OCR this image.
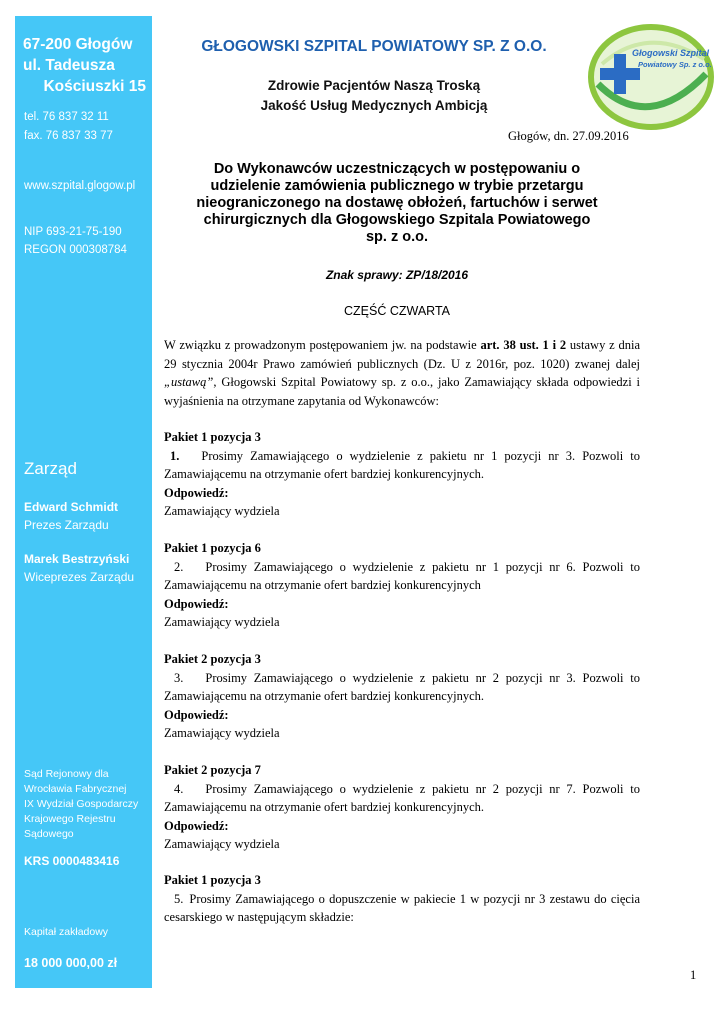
67-200 Głogów
ul. Tadeusza
Kościuszki 15
tel. 76 837 32 11
fax. 76 837 33 77
www.szpital.glogow.pl
NIP 693-21-75-190
REGON 000308784
Zarząd
Edward Schmidt
Prezes Zarządu
Marek Bestrzyński
Wiceprezes Zarządu
Sąd Rejonowy dla
Wrocławia Fabrycznej
IX Wydział Gospodarczy
Krajowego Rejestru
Sądowego
KRS 0000483416
Kapitał zakładowy
18 000 000,00 zł
GŁOGOWSKI SZPITAL POWIATOWY SP. Z O.O.
Zdrowie Pacjentów Naszą Troską
Jakość Usług Medycznych Ambicją
Głogowski Szpital
Powiatowy Sp. z o.o.
Głogów, dn. 27.09.2016
Do Wykonawców uczestniczących w postępowaniu o
udzielenie zamówienia publicznego w trybie przetargu
nieograniczonego na dostawę obłożeń, fartuchów i serwet
chirurgicznych dla Głogowskiego Szpitala Powiatowego
sp. z o.o.
Znak sprawy: ZP/18/2016
CZĘŚĆ CZWARTA
W związku z prowadzonym postępowaniem jw. na podstawie art. 38 ust. 1 i 2 ustawy z dnia 29 stycznia 2004r Prawo zamówień publicznych (Dz. U z 2016r, poz. 1020) zwanej dalej „ustawą”, Głogowski Szpital Powiatowy sp. z o.o., jako Zamawiający składa odpowiedzi i wyjaśnienia na otrzymane zapytania od Wykonawców:
Pakiet 1 pozycja 3
1. Prosimy Zamawiającego o wydzielenie z pakietu nr 1 pozycji nr 3. Pozwoli to Zamawiającemu na otrzymanie ofert bardziej konkurencyjnych.
Odpowiedź:
Zamawiający wydziela
Pakiet 1 pozycja 6
2. Prosimy Zamawiającego o wydzielenie z pakietu nr 1 pozycji nr 6. Pozwoli to Zamawiającemu na otrzymanie ofert bardziej konkurencyjnych
Odpowiedź:
Zamawiający wydziela
Pakiet 2 pozycja 3
3. Prosimy Zamawiającego o wydzielenie z pakietu nr 2 pozycji nr 3. Pozwoli to Zamawiającemu na otrzymanie ofert bardziej konkurencyjnych.
Odpowiedź:
Zamawiający wydziela
Pakiet 2 pozycja 7
4. Prosimy Zamawiającego o wydzielenie z pakietu nr 2 pozycji nr 7. Pozwoli to Zamawiającemu na otrzymanie ofert bardziej konkurencyjnych.
Odpowiedź:
Zamawiający wydziela
Pakiet 1 pozycja 3
5. Prosimy Zamawiającego o dopuszczenie w pakiecie 1 w pozycji nr 3 zestawu do cięcia cesarskiego w następującym składzie:
1
